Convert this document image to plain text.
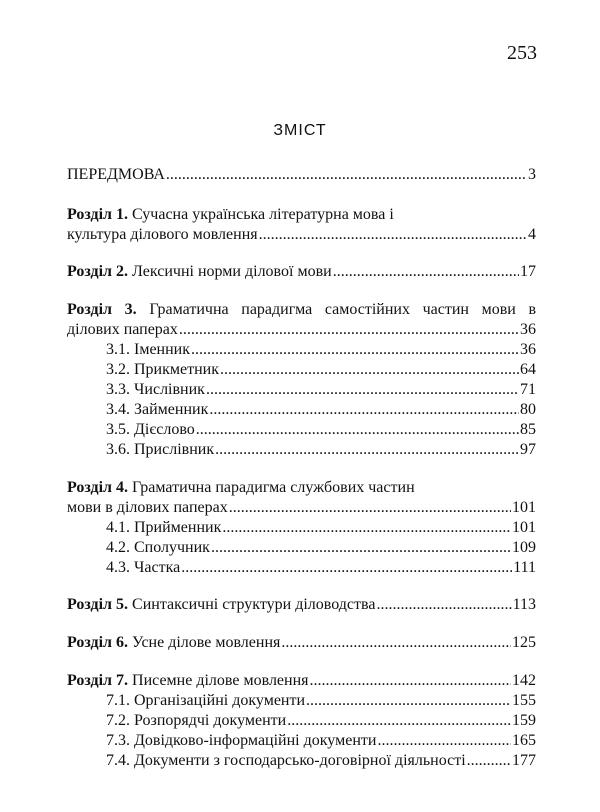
253
ЗМІСТ
ПЕРЕДМОВА .....	3
Розділ 1. Сучасна українська літературна мова і
культура ділового мовлення .....	4
Розділ 2. Лексичні норми ділової мови .....	17
Розділ 3. Граматична парадигма самостійних частин мови в
ділових паперах .....	36
3.1. Іменник .....	36
3.2. Прикметник .....	64
3.3. Числівник .....	71
3.4. Займенник .....	80
3.5. Дієслово .....	85
3.6. Прислівник .....	97
Розділ 4. Граматична парадигма службових частин
мови в ділових паперах .....	101
4.1. Прийменник .....	101
4.2. Сполучник .....	109
4.3. Частка .....	111
Розділ 5. Синтаксичні структури діловодства .....	113
Розділ 6. Усне ділове мовлення .....	125
Розділ 7. Писемне ділове мовлення .....	142
7.1. Організаційні документи .....	155
7.2. Розпорядчі документи .....	159
7.3. Довідково-інформаційні документи .....	165
7.4. Документи з господарсько-договірної діяльності .....	177
